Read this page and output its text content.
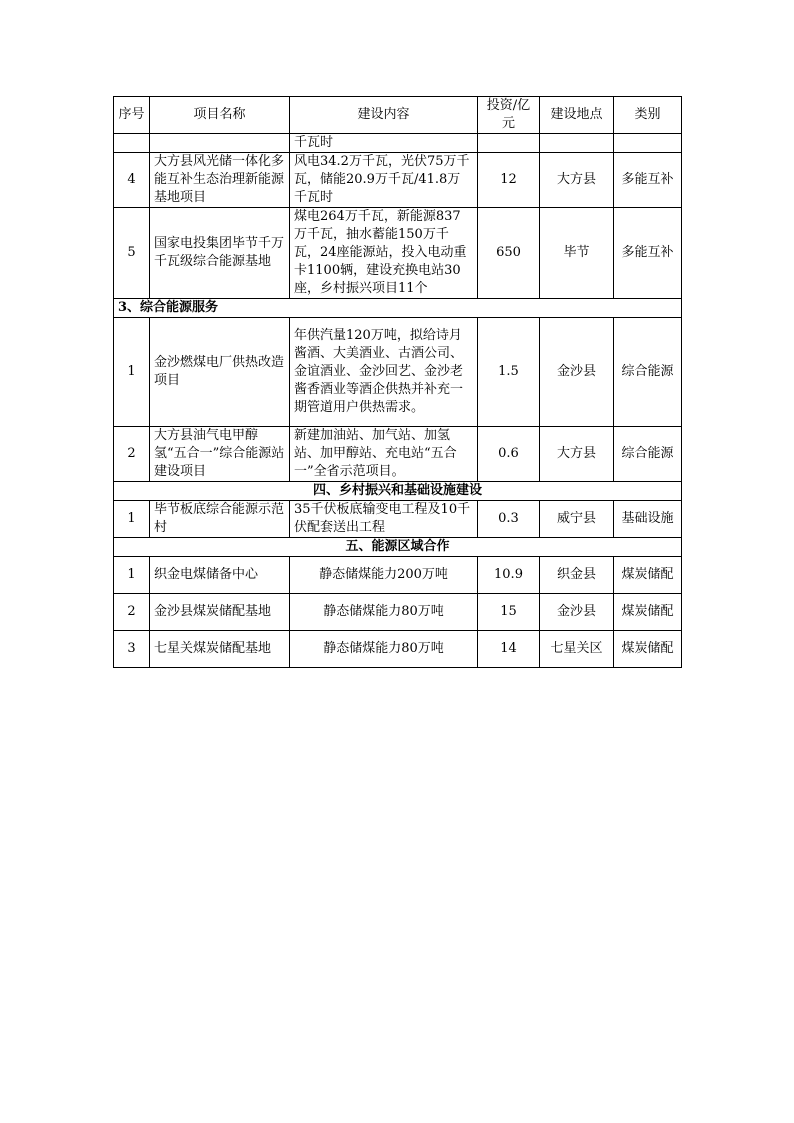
序号	项目名称	建设内容	投资/亿元	建设地点	类别
		千瓦时			
4	大方县风光储一体化多能互补生态治理新能源基地项目	风电34.2万千瓦，光伏75万千瓦，储能20.9万千瓦/41.8万千瓦时	12	大方县	多能互补
5	国家电投集团毕节千万千瓦级综合能源基地	煤电264万千瓦，新能源837万千瓦，抽水蓄能150万千瓦，24座能源站，投入电动重卡1100辆，建设充换电站30座，乡村振兴项目11个	650	毕节	多能互补
3、综合能源服务					
1	金沙燃煤电厂供热改造项目	年供汽量120万吨，拟给诗月酱酒、大美酒业、古酒公司、金谊酒业、金沙回艺、金沙老酱香酒业等酒企供热并补充一期管道用户供热需求。	1.5	金沙县	综合能源
2	大方县油气电甲醇氢“五合一”综合能源站建设项目	新建加油站、加气站、加氢站、加甲醇站、充电站“五合一”全省示范项目。	0.6	大方县	综合能源
四、乡村振兴和基础设施建设					
1	毕节板底综合能源示范村	35千伏板底输变电工程及10千伏配套送出工程	0.3	威宁县	基础设施
五、能源区域合作					
1	织金电煤储备中心	静态储煤能力200万吨	10.9	织金县	煤炭储配
2	金沙县煤炭储配基地	静态储煤能力80万吨	15	金沙县	煤炭储配
3	七星关煤炭储配基地	静态储煤能力80万吨	14	七星关区	煤炭储配
